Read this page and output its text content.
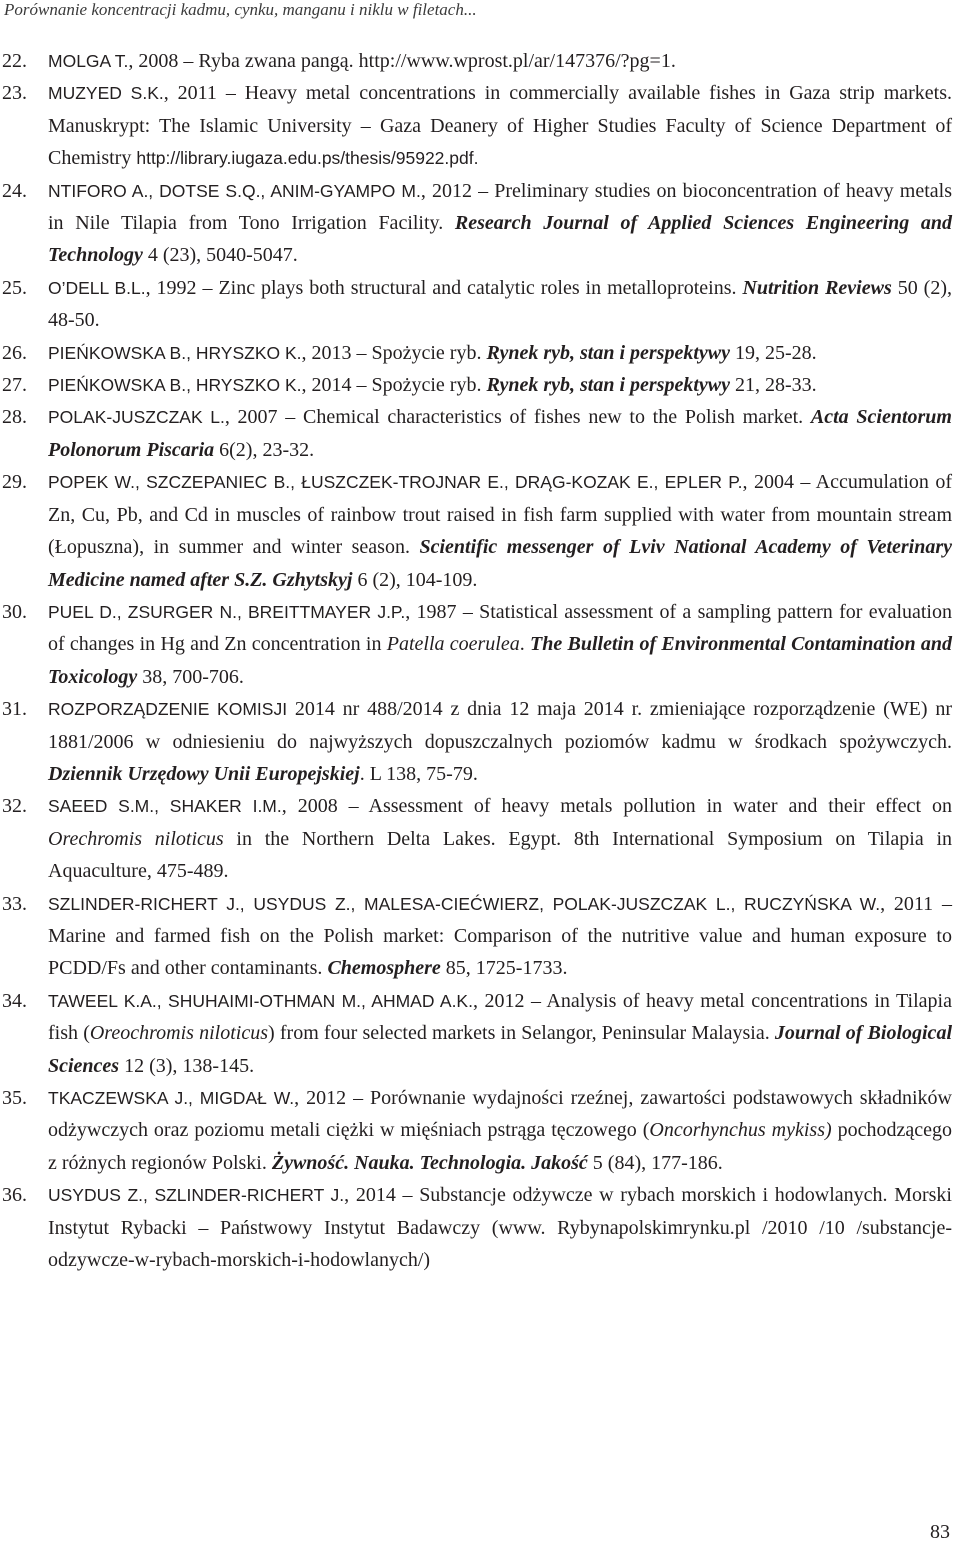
Porównanie koncentracji kadmu, cynku, manganu i niklu w filetach...
22.	MOLGA T., 2008 – Ryba zwana pangą. http://www.wprost.pl/ar/147376/?pg=1.
23.	MUZYED S.K., 2011 – Heavy metal concentrations in commercially available fishes in Gaza strip markets. Manuskrypt: The Islamic University – Gaza Deanery of Higher Studies Faculty of Science Department of Chemistry http://library.iugaza.edu.ps/thesis/95922.pdf.
24.	NTIFORO A., DOTSE S.Q., ANIM-GYAMPO M., 2012 – Preliminary studies on bioconcentration of heavy metals in Nile Tilapia from Tono Irrigation Facility. Research Journal of Applied Sciences Engineering and Technology 4 (23), 5040-5047.
25.	O’DELL B.L., 1992 – Zinc plays both structural and catalytic roles in metalloproteins. Nutrition Reviews 50 (2), 48-50.
26.	PIEŃKOWSKA B., HRYSZKO K., 2013 – Spożycie ryb. Rynek ryb, stan i perspektywy 19, 25-28.
27.	PIEŃKOWSKA B., HRYSZKO K., 2014 – Spożycie ryb. Rynek ryb, stan i perspektywy 21, 28-33.
28.	POLAK-JUSZCZAK L., 2007 – Chemical characteristics of fishes new to the Polish market. Acta Scientorum Polonorum Piscaria 6(2), 23-32.
29.	POPEK W., SZCZEPANIEC B., ŁUSZCZEK-TROJNAR E., DRĄG-KOZAK E., EPLER P., 2004 – Accumulation of Zn, Cu, Pb, and Cd in muscles of rainbow trout raised in fish farm supplied with water from mountain stream (Łopuszna), in summer and winter season. Scientific messenger of Lviv National Academy of Veterinary Medicine named after S.Z. Gzhytskyj 6 (2), 104-109.
30.	PUEL D., ZSURGER N., BREITTMAYER J.P., 1987 – Statistical assessment of a sampling pattern for evaluation of changes in Hg and Zn concentration in Patella coerulea. The Bulletin of Environmental Contamination and Toxicology 38, 700-706.
31.	ROZPORZĄDZENIE KOMISJI 2014 nr 488/2014 z dnia 12 maja 2014 r. zmieniające rozporządzenie (WE) nr 1881/2006 w odniesieniu do najwyższych dopuszczalnych poziomów kadmu w środkach spożywczych. Dziennik Urzędowy Unii Europejskiej. L 138, 75-79.
32.	SAEED S.M., SHAKER I.M., 2008 – Assessment of heavy metals pollution in water and their effect on Orechromis niloticus in the Northern Delta Lakes. Egypt. 8th International Symposium on Tilapia in Aquaculture, 475-489.
33.	SZLINDER-RICHERT J., USYDUS Z., MALESA-CIEĆWIERZ, POLAK-JUSZCZAK L., RUCZYŃSKA W., 2011 – Marine and farmed fish on the Polish market: Comparison of the nutritive value and human exposure to PCDD/Fs and other contaminants. Chemosphere 85, 1725-1733.
34.	TAWEEL K.A., SHUHAIMI-OTHMAN M., AHMAD A.K., 2012 – Analysis of heavy metal concentrations in Tilapia fish (Oreochromis niloticus) from four selected markets in Selangor, Peninsular Malaysia. Journal of Biological Sciences 12 (3), 138-145.
35.	TKACZEWSKA J., MIGDAŁ W., 2012 – Porównanie wydajności rzeźnej, zawartości podstawowych składników odżywczych oraz poziomu metali ciężki w mięśniach pstrąga tęczowego (Oncorhynchus mykiss) pochodzącego z różnych regionów Polski. Żywność. Nauka. Technologia. Jakość 5 (84), 177-186.
36.	USYDUS Z., SZLINDER-RICHERT J., 2014 – Substancje odżywcze w rybach morskich i hodowlanych. Morski Instytut Rybacki – Państwowy Instytut Badawczy (www. Rybynapolskimrynku.pl /2010 /10 /substancje-odzywcze-w-rybach-morskich-i-hodowlanych/)
83
